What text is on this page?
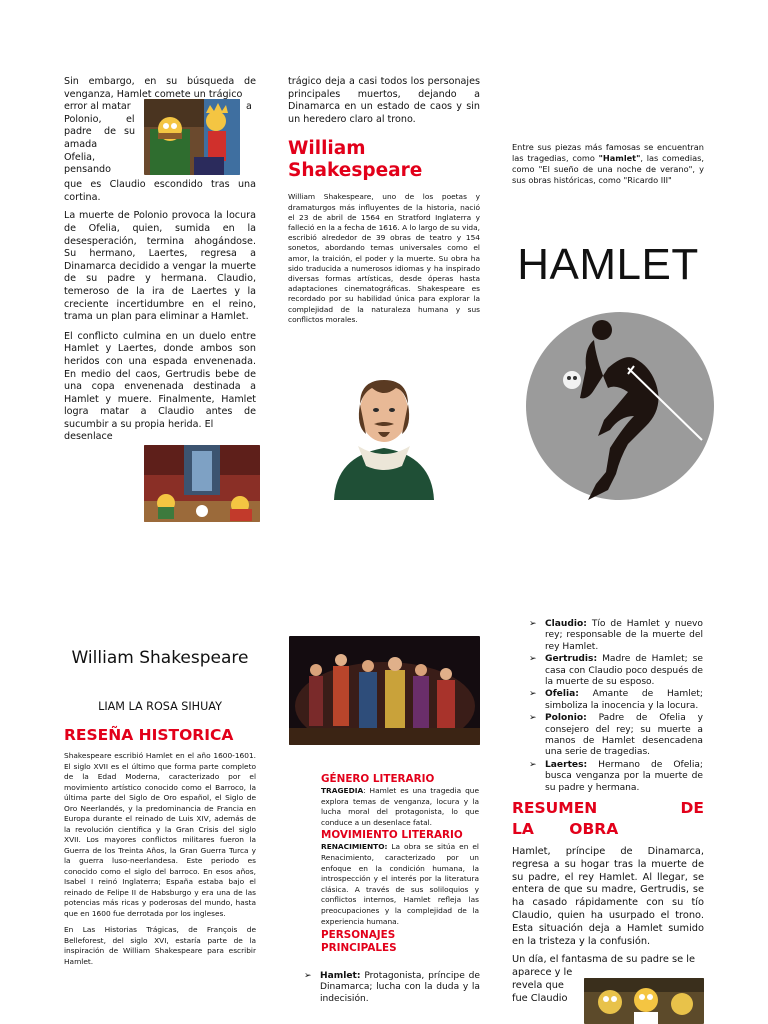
Sin embargo, en su búsqueda de venganza, Hamlet comete un trágico

error al matar
Polonio,
padre
amada
Ofelia,
pensando
a
el
de su

que es Claudio escondido tras una cortina.

La muerte de Polonio provoca la locura de Ofelia, quien, sumida en la desesperación, termina ahogándose. Su hermano, Laertes, regresa a Dinamarca decidido a vengar la muerte de su padre y hermana. Claudio, temeroso de la ira de Laertes y la creciente incertidumbre en el reino, trama un plan para eliminar a Hamlet.

El conflicto culmina en un duelo entre Hamlet y Laertes, donde ambos son heridos con una espada envenenada. En medio del caos, Gertrudis bebe de una copa envenenada destinada a Hamlet y muere. Finalmente, Hamlet logra matar a Claudio antes de sucumbir a su propia herida. El

desenlace

trágico deja a casi todos los personajes principales muertos, dejando a Dinamarca en un estado de caos y sin un heredero claro al trono.

William Shakespeare

William Shakespeare, uno de los poetas y dramaturgos más influyentes de la historia, nació el 23 de abril de 1564 en Stratford Inglaterra y falleció en la a fecha de 1616. A lo largo de su vida, escribió alrededor de 39 obras de teatro y 154 sonetos, abordando temas universales como el amor, la traición, el poder y la muerte. Su obra ha sido traducida a numerosos idiomas y ha inspirado diversas formas artísticas, desde óperas hasta adaptaciones cinematográficas. Shakespeare es recordado por su habilidad única para explorar la complejidad de la naturaleza humana y sus conflictos morales.

Entre sus piezas más famosas se encuentran las tragedias, como "Hamlet", las comedias, como "El sueño de una noche de verano", y sus obras históricas, como "Ricardo III"
HAMLET
William Shakespeare
LIAM LA ROSA SIHUAY
RESEÑA HISTORICA

Shakespeare escribió Hamlet en el año 1600-1601. El siglo XVII es el último que forma parte completo de la Edad Moderna, caracterizado por el movimiento artístico conocido como el Barroco, la última parte del Siglo de Oro español, el Siglo de Oro Neerlandés, y la predominancia de Francia en Europa durante el reinado de Luis XIV, además de la revolución científica y la Gran Crisis del siglo XVII. Los mayores conflictos militares fueron la Guerra de los Treinta Años, la Gran Guerra Turca y la guerra luso-neerlandesa. Este periodo es conocido como el siglo del barroco. En esos años, Isabel I reinó Inglaterra; España estaba bajo el reinado de Felipe II de Habsburgo y era una de las potencias más ricas y poderosas del mundo, hasta que en 1600 fue derrotada por los ingleses.

En Las Historias Trágicas, de François de Belleforest, del siglo XVI, estaría parte de la inspiración de William Shakespeare para escribir Hamlet.

GÉNERO LITERARIO

TRAGEDIA: Hamlet es una tragedia que explora temas de venganza, locura y la lucha moral del protagonista, lo que conduce a un desenlace fatal.

MOVIMIENTO LITERARIO

RENACIMIENTO: La obra se sitúa en el Renacimiento, caracterizado por un enfoque en la condición humana, la introspección y el interés por la literatura clásica. A través de sus soliloquios y conflictos internos, Hamlet refleja las preocupaciones y la complejidad de la experiencia humana.

PERSONAJES PRINCIPALES
➢ Hamlet: Protagonista, príncipe de Dinamarca; lucha con la duda y la indecisión.
➢ Claudio: Tío de Hamlet y nuevo rey; responsable de la muerte del rey Hamlet.
➢ Gertrudis: Madre de Hamlet; se casa con Claudio poco después de la muerte de su esposo.
➢ Ofelia: Amante de Hamlet; simboliza la inocencia y la locura.
➢ Polonio: Padre de Ofelia y consejero del rey; su muerte a manos de Hamlet desencadena una serie de tragedias.
➢ Laertes: Hermano de Ofelia; busca venganza por la muerte de su padre y hermana.
RESUMEN DE LA OBRA

Hamlet, príncipe de Dinamarca, regresa a su hogar tras la muerte de su padre, el rey Hamlet. Al llegar, se entera de que su madre, Gertrudis, se ha casado rápidamente con su tío Claudio, quien ha usurpado el trono. Esta situación deja a Hamlet sumido en la tristeza y la confusión.

Un día, el fantasma de su padre se le

aparece y le
revela que
fue Claudio
